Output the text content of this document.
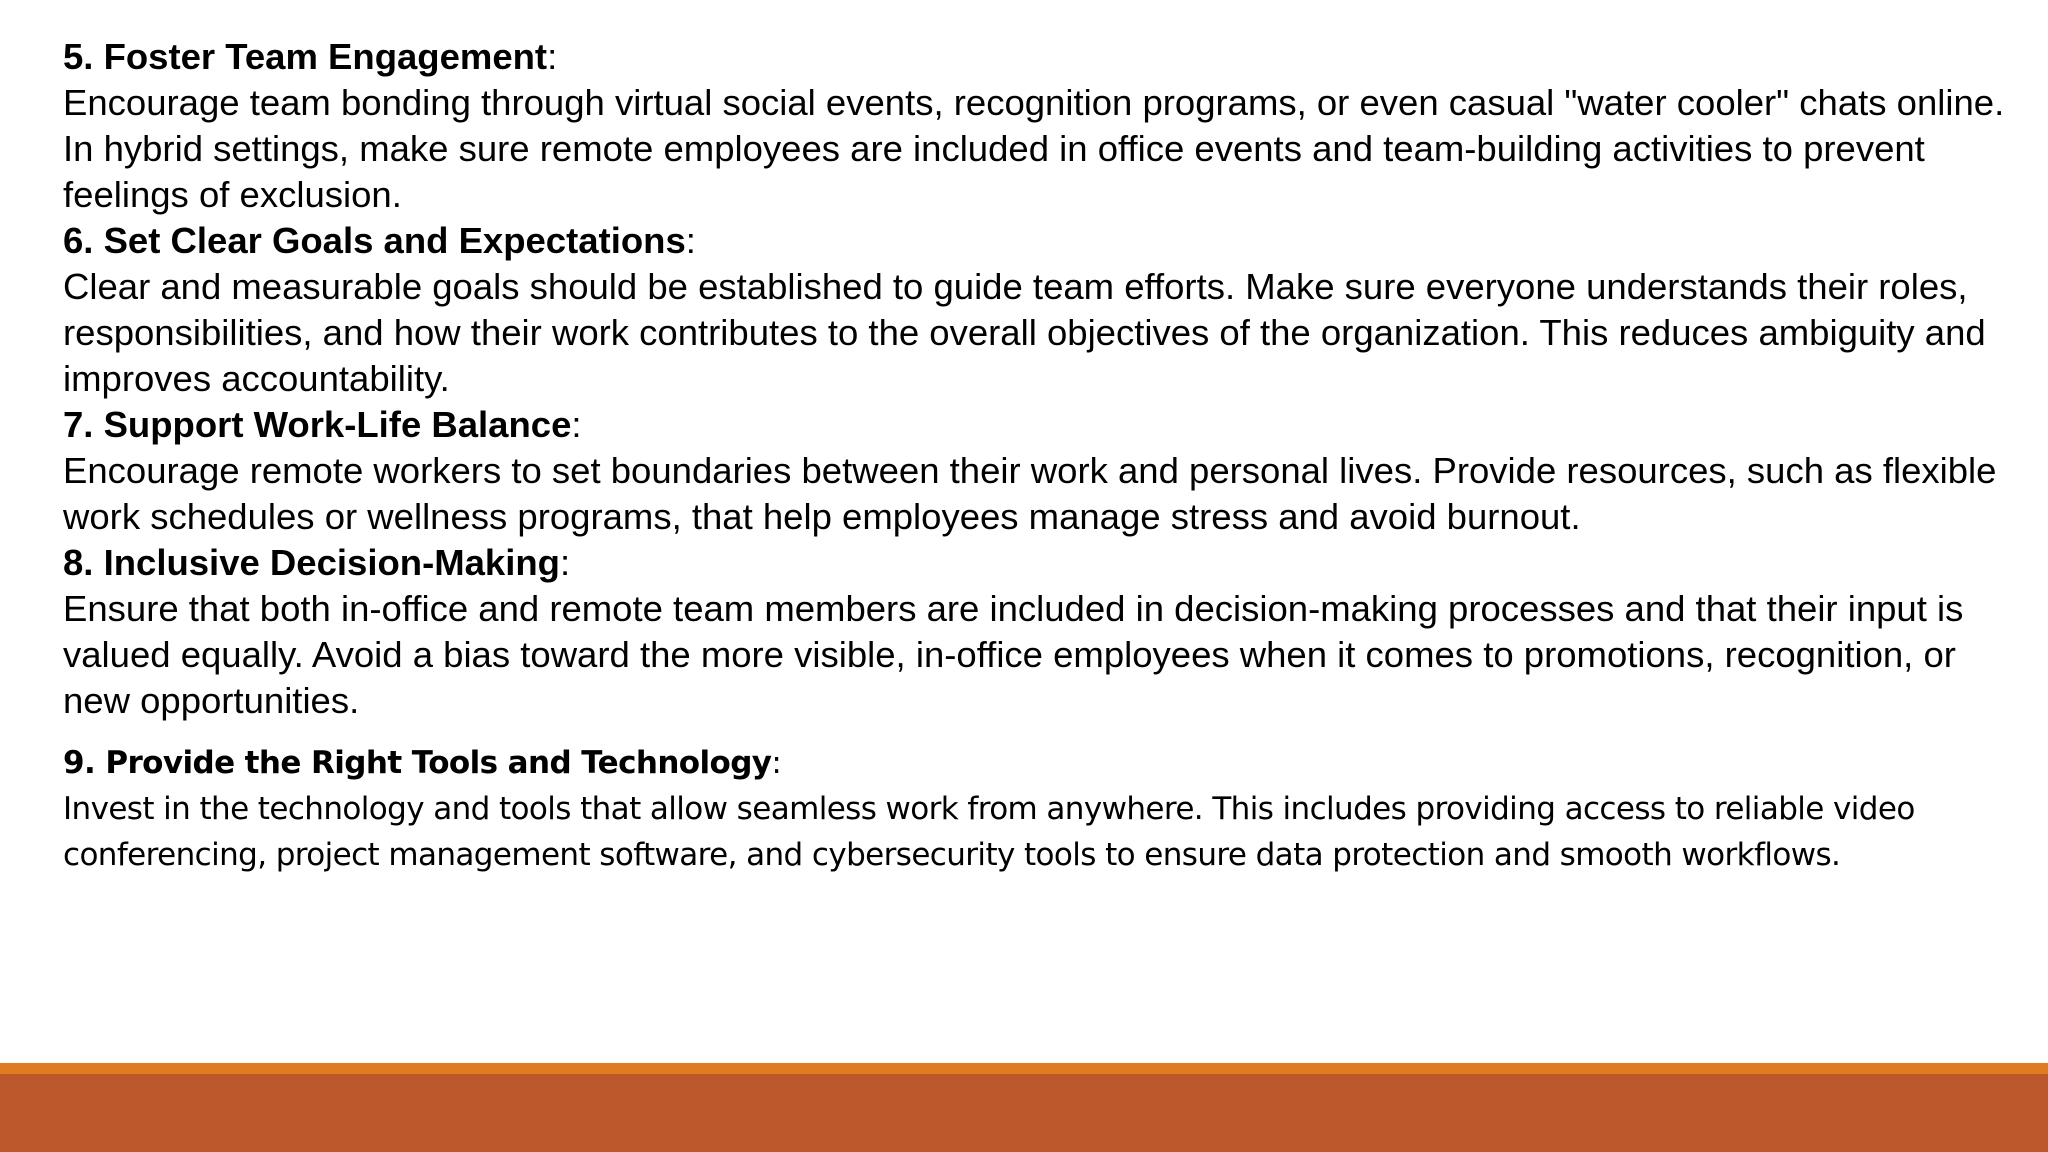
5. Foster Team Engagement:

Encourage team bonding through virtual social events, recognition programs, or even casual "water cooler" chats online. In hybrid settings, make sure remote employees are included in office events and team-building activities to prevent feelings of exclusion.

6. Set Clear Goals and Expectations:

Clear and measurable goals should be established to guide team efforts. Make sure everyone understands their roles, responsibilities, and how their work contributes to the overall objectives of the organization. This reduces ambiguity and improves accountability.

7. Support Work-Life Balance:

Encourage remote workers to set boundaries between their work and personal lives. Provide resources, such as flexible work schedules or wellness programs, that help employees manage stress and avoid burnout.

8. Inclusive Decision-Making:

Ensure that both in-office and remote team members are included in decision-making processes and that their input is valued equally. Avoid a bias toward the more visible, in-office employees when it comes to promotions, recognition, or new opportunities.

9. Provide the Right Tools and Technology:

Invest in the technology and tools that allow seamless work from anywhere. This includes providing access to reliable video conferencing, project management software, and cybersecurity tools to ensure data protection and smooth workflows.
